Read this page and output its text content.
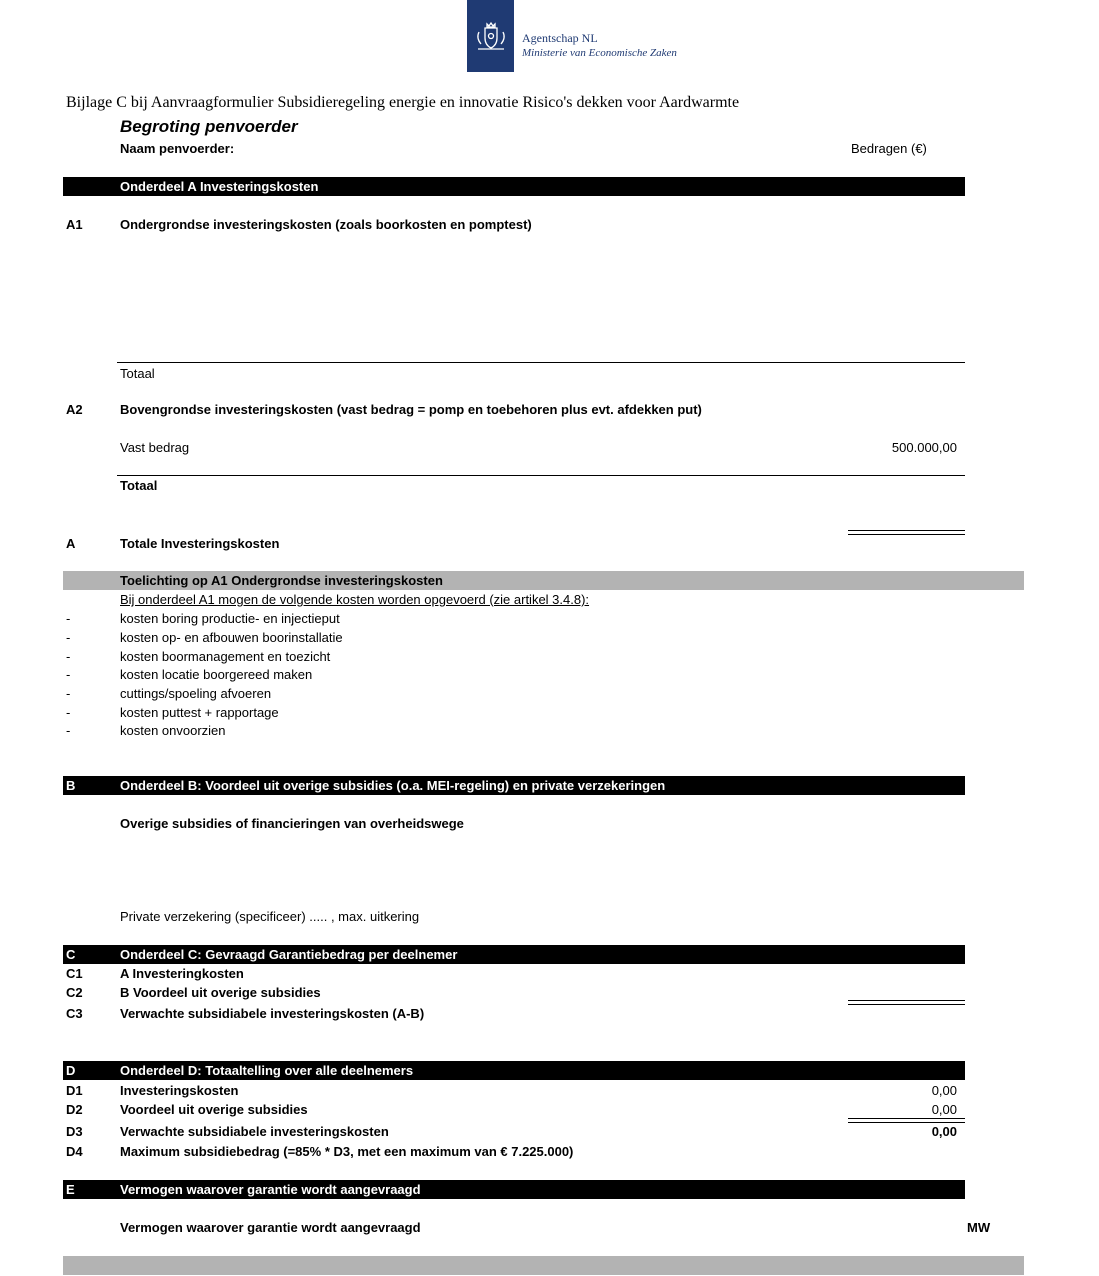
Agentschap NL
Ministerie van Economische Zaken
Bijlage C bij Aanvraagformulier Subsidieregeling energie en innovatie Risico's dekken voor Aardwarmte
Begroting penvoerder
Naam penvoerder:	Bedragen (€)
Onderdeel A Investeringskosten
A1	Ondergrondse investeringskosten (zoals boorkosten en pomptest)
Totaal
A2	Bovengrondse investeringskosten (vast bedrag = pomp en toebehoren plus evt. afdekken put)
Vast bedrag	500.000,00
Totaal
A	Totale Investeringskosten
Toelichting op A1 Ondergrondse investeringskosten
Bij onderdeel A1 mogen de volgende kosten worden opgevoerd (zie artikel 3.4.8):
-	kosten boring productie- en injectieput
-	kosten op- en afbouwen boorinstallatie
-	kosten boormanagement en toezicht
-	kosten locatie boorgereed maken
-	cuttings/spoeling afvoeren
-	kosten puttest + rapportage
-	kosten onvoorzien
B	Onderdeel B: Voordeel uit overige subsidies (o.a. MEI-regeling) en private verzekeringen
Overige subsidies of financieringen van overheidswege
Private verzekering (specificeer) ..... , max. uitkering
C	Onderdeel C: Gevraagd Garantiebedrag per deelnemer
C1	A Investeringkosten
C2	B Voordeel uit overige subsidies
C3	Verwachte subsidiabele investeringskosten (A-B)
D	Onderdeel D: Totaaltelling over alle deelnemers
D1	Investeringskosten	0,00
D2	Voordeel uit overige subsidies	0,00
D3	Verwachte subsidiabele investeringskosten	0,00
D4	Maximum subsidiebedrag (=85% * D3, met een maximum van € 7.225.000)
E	Vermogen waarover garantie wordt aangevraagd
Vermogen waarover garantie wordt aangevraagd	MW
